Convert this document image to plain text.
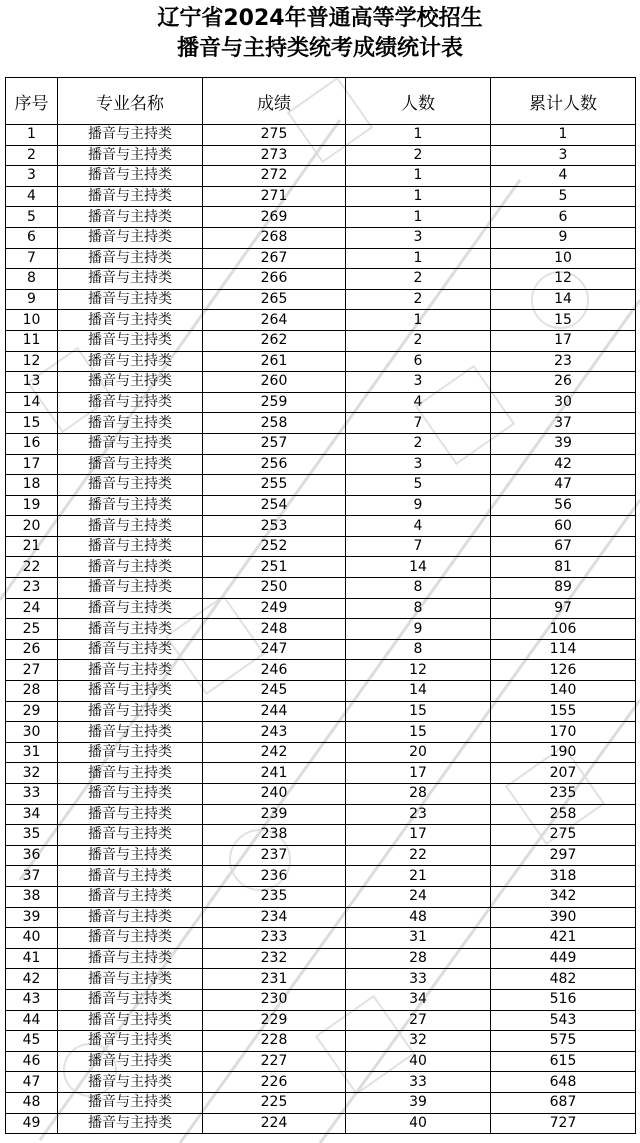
辽宁省2024年普通高等学校招生
播音与主持类统考成绩统计表
序号	专业名称	成绩	人数	累计人数
1	播音与主持类	275	1	1
2	播音与主持类	273	2	3
3	播音与主持类	272	1	4
4	播音与主持类	271	1	5
5	播音与主持类	269	1	6
6	播音与主持类	268	3	9
7	播音与主持类	267	1	10
8	播音与主持类	266	2	12
9	播音与主持类	265	2	14
10	播音与主持类	264	1	15
11	播音与主持类	262	2	17
12	播音与主持类	261	6	23
13	播音与主持类	260	3	26
14	播音与主持类	259	4	30
15	播音与主持类	258	7	37
16	播音与主持类	257	2	39
17	播音与主持类	256	3	42
18	播音与主持类	255	5	47
19	播音与主持类	254	9	56
20	播音与主持类	253	4	60
21	播音与主持类	252	7	67
22	播音与主持类	251	14	81
23	播音与主持类	250	8	89
24	播音与主持类	249	8	97
25	播音与主持类	248	9	106
26	播音与主持类	247	8	114
27	播音与主持类	246	12	126
28	播音与主持类	245	14	140
29	播音与主持类	244	15	155
30	播音与主持类	243	15	170
31	播音与主持类	242	20	190
32	播音与主持类	241	17	207
33	播音与主持类	240	28	235
34	播音与主持类	239	23	258
35	播音与主持类	238	17	275
36	播音与主持类	237	22	297
37	播音与主持类	236	21	318
38	播音与主持类	235	24	342
39	播音与主持类	234	48	390
40	播音与主持类	233	31	421
41	播音与主持类	232	28	449
42	播音与主持类	231	33	482
43	播音与主持类	230	34	516
44	播音与主持类	229	27	543
45	播音与主持类	228	32	575
46	播音与主持类	227	40	615
47	播音与主持类	226	33	648
48	播音与主持类	225	39	687
49	播音与主持类	224	40	727
